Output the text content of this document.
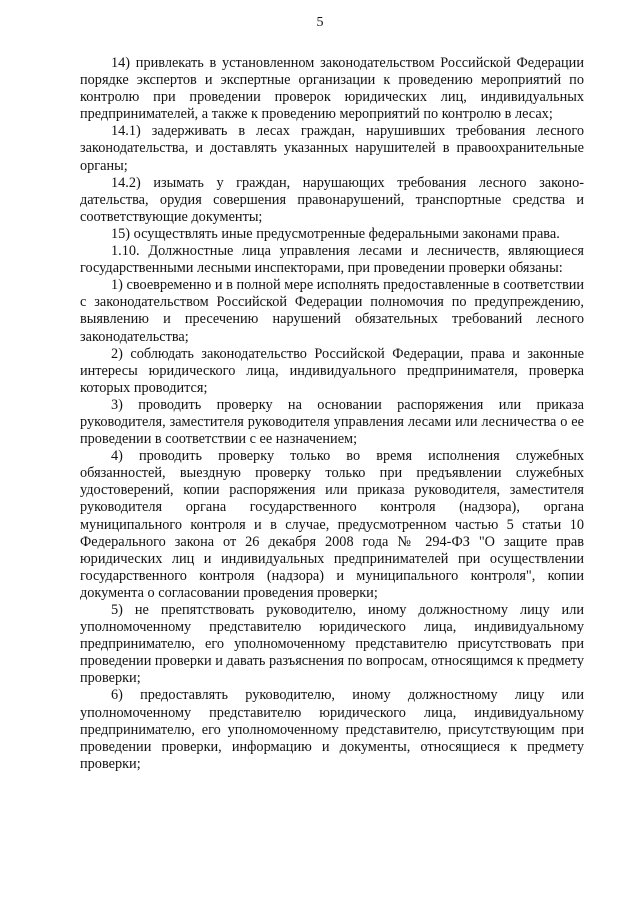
5

14) привлекать в установленном законодательством Российской Федерации порядке экспертов и экспертные организации к проведению мероприятий по контролю при проведении проверок юридических лиц, индивидуальных предпринимателей, а также к проведению мероприятий по контролю в лесах;

14.1) задерживать в лесах граждан, нарушивших требования лесного законодательства, и доставлять указанных нарушителей в правоохранительные органы;

14.2) изымать у граждан, нарушающих требования лесного законодательства, орудия совершения правонарушений, транспортные средства и соответствующие документы;

15) осуществлять иные предусмотренные федеральными законами права.

1.10. Должностные лица управления лесами и лесничеств, являющиеся государственными лесными инспекторами, при проведении проверки обязаны:

1) своевременно и в полной мере исполнять предоставленные в соответствии с законодательством Российской Федерации полномочия по предупреждению, выявлению и пресечению нарушений обязательных требований лесного законодательства;

2) соблюдать законодательство Российской Федерации, права и законные интересы юридического лица, индивидуального предпринимателя, проверка которых проводится;

3) проводить проверку на основании распоряжения или приказа руководителя, заместителя руководителя управления лесами или лесничества о ее проведении в соответствии с ее назначением;

4) проводить проверку только во время исполнения служебных обязанностей, выездную проверку только при предъявлении служебных удостоверений, копии распоряжения или приказа руководителя, заместителя руководителя органа государственного контроля (надзора), органа муниципального контроля и в случае, предусмотренном частью 5 статьи 10 Федерального закона от 26 декабря 2008 года № 294-ФЗ "О защите прав юридических лиц и индивидуальных предпринимателей при осуществлении государственного контроля (надзора) и муниципального контроля", копии документа о согласовании проведения проверки;

5) не препятствовать руководителю, иному должностному лицу или уполномоченному представителю юридического лица, индивидуальному предпринимателю, его уполномоченному представителю присутствовать при проведении проверки и давать разъяснения по вопросам, относящимся к предмету проверки;

6) предоставлять руководителю, иному должностному лицу или уполномоченному представителю юридического лица, индивидуальному предпринимателю, его уполномоченному представителю, присутствующим при проведении проверки, информацию и документы, относящиеся к предмету проверки;
